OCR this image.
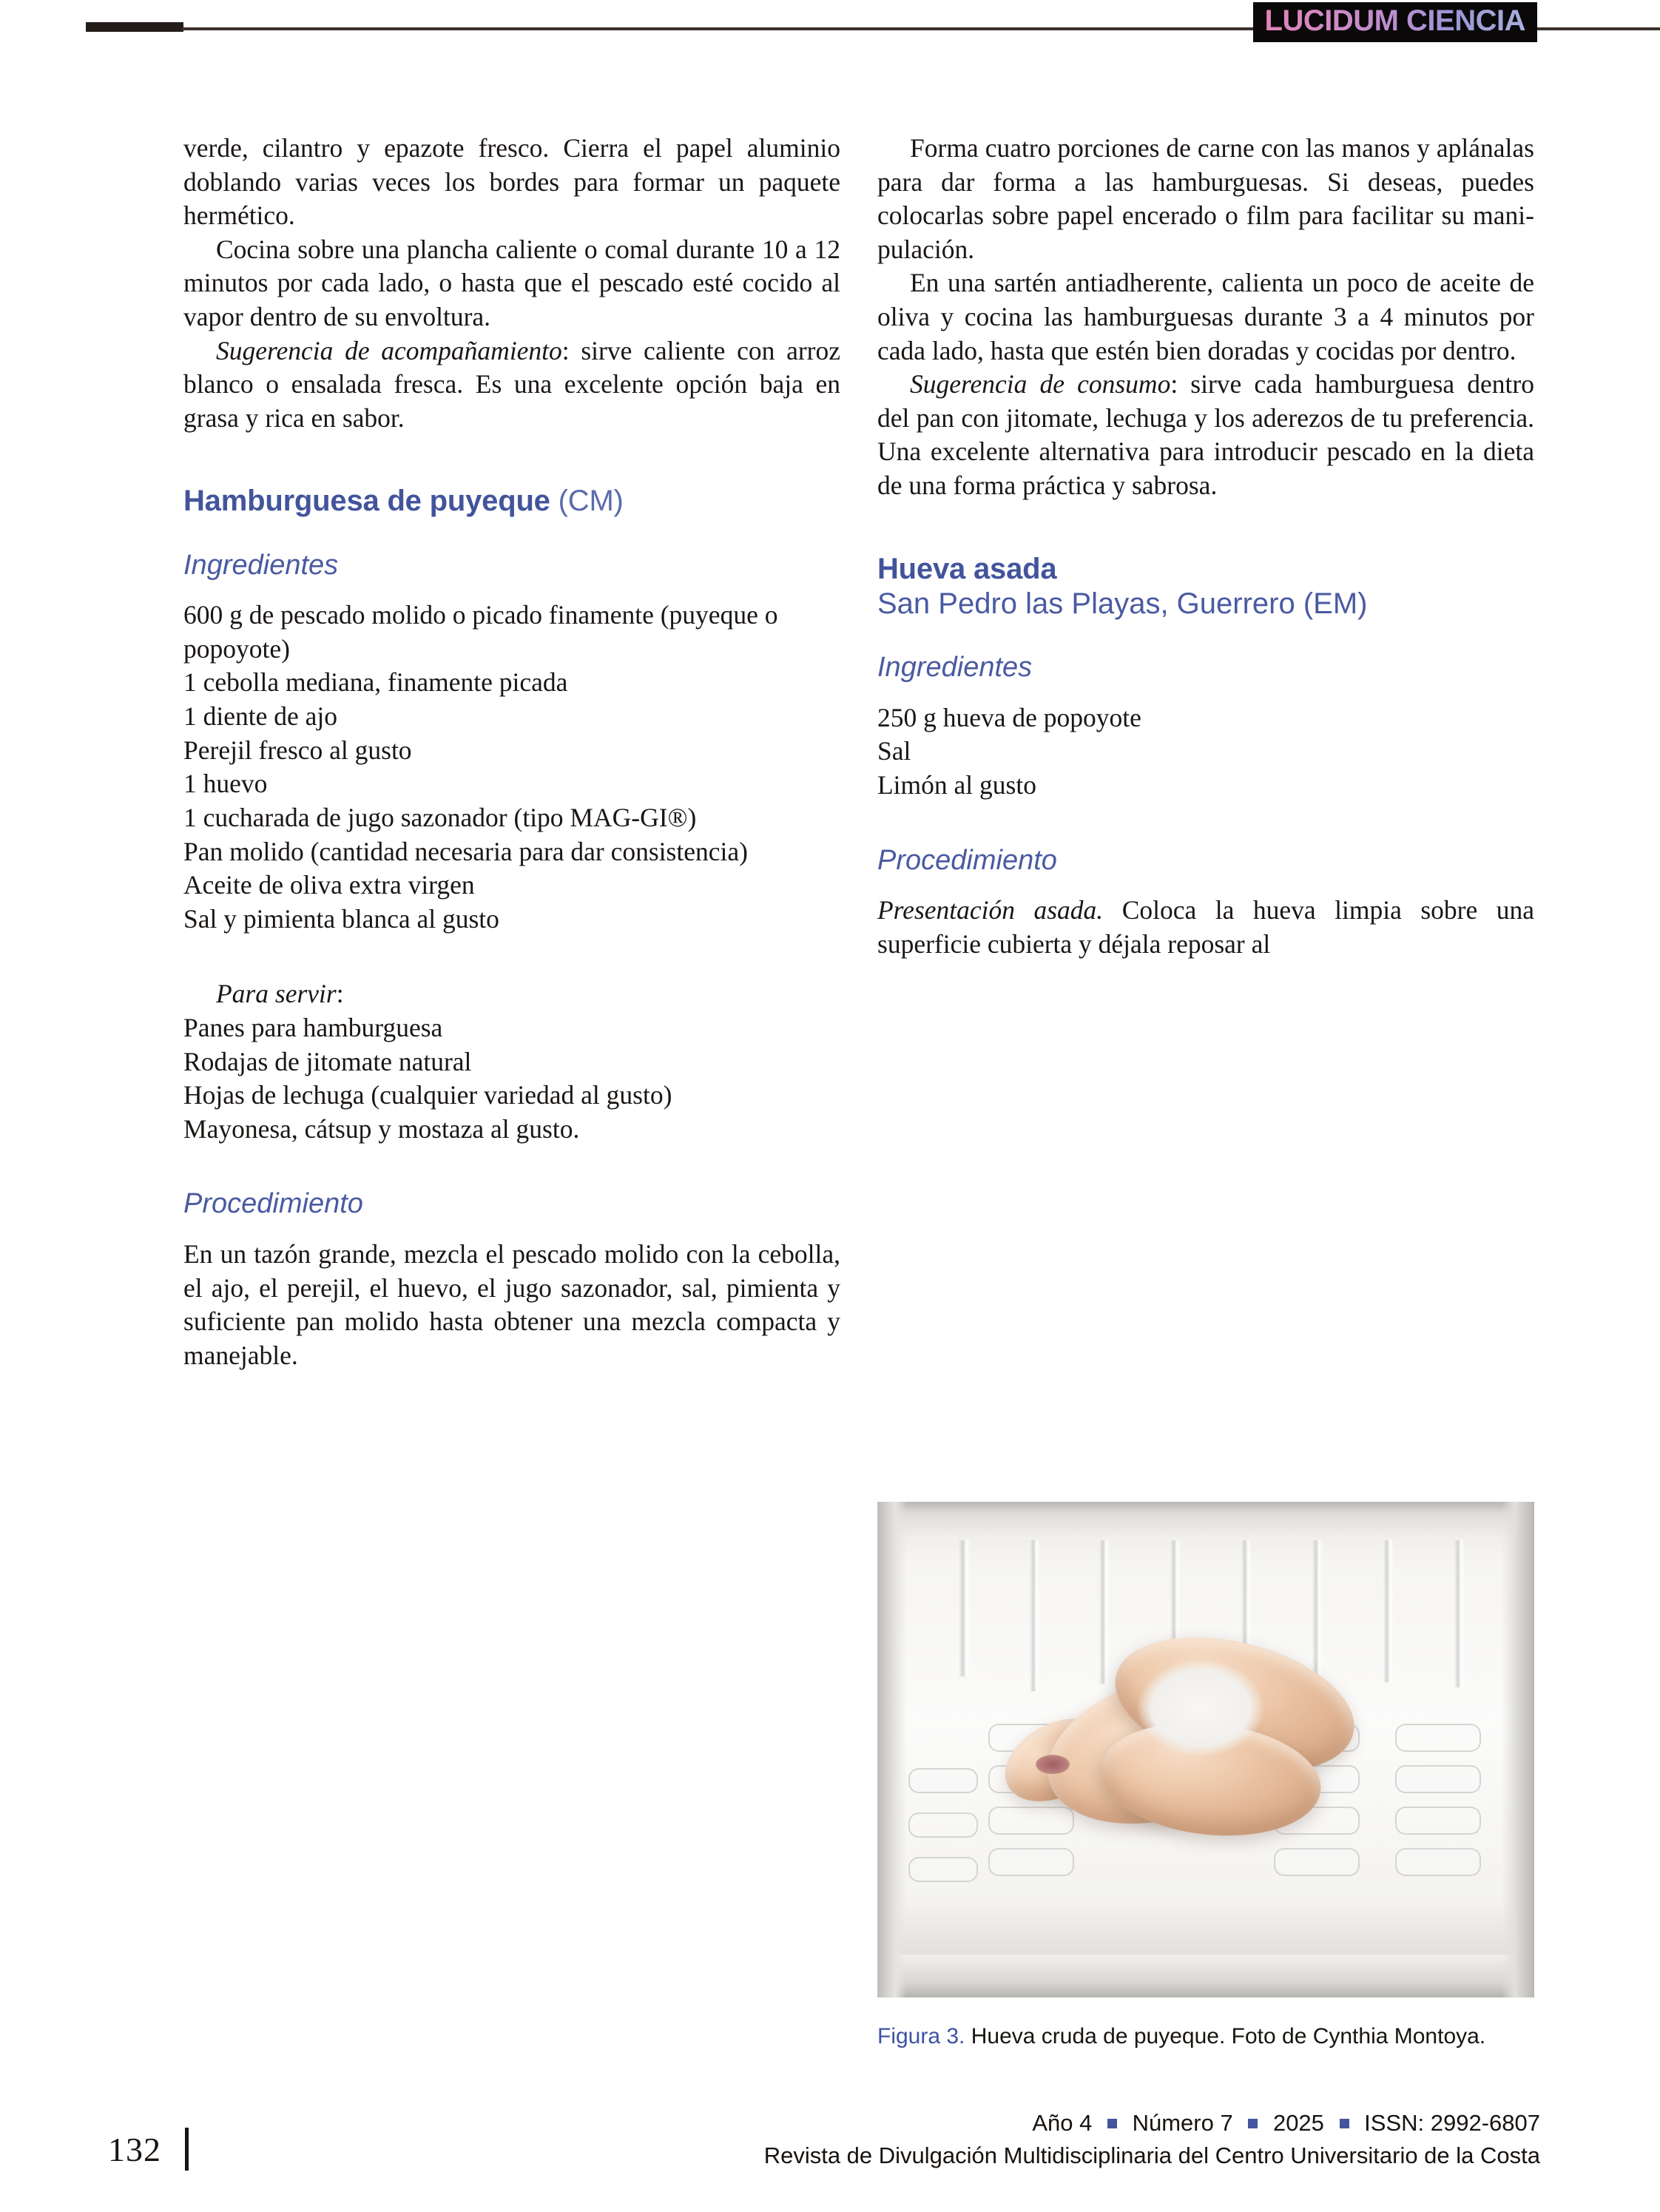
LUCIDUM CIENCIA

verde, cilantro y epazote fresco. Cierra el papel aluminio doblando varias veces los bordes para formar un paquete hermético.

Cocina sobre una plancha caliente o comal durante 10 a 12 minutos por cada lado, o hasta que el pescado esté cocido al vapor dentro de su envoltura.

Sugerencia de acompañamiento: sirve caliente con arroz blanco o ensalada fresca. Es una excelente opción baja en grasa y rica en sabor.

Hamburguesa de puyeque (CM)
Ingredientes
600 g de pescado molido o picado finamente (puyeque o popoyote)
1 cebolla mediana, finamente picada
1 diente de ajo
Perejil fresco al gusto
1 huevo
1 cucharada de jugo sazonador (tipo MAG-GI®)
Pan molido (cantidad necesaria para dar consistencia)
Aceite de oliva extra virgen
Sal y pimienta blanca al gusto
Para servir:
Panes para hamburguesa
Rodajas de jitomate natural
Hojas de lechuga (cualquier variedad al gusto)
Mayonesa, cátsup y mostaza al gusto.
Procedimiento

En un tazón grande, mezcla el pescado molido con la cebolla, el ajo, el perejil, el huevo, el jugo sazonador, sal, pimienta y suficiente pan molido hasta obtener una mezcla compacta y manejable.

Forma cuatro porciones de carne con las manos y aplánalas para dar forma a las hamburguesas. Si deseas, puedes colocarlas sobre papel encerado o film para facilitar su manipulación.

En una sartén antiadherente, calienta un poco de aceite de oliva y cocina las hamburguesas durante 3 a 4 minutos por cada lado, hasta que estén bien doradas y cocidas por dentro.

Sugerencia de consumo: sirve cada hamburguesa dentro del pan con jitomate, lechuga y los aderezos de tu preferencia. Una excelente alternativa para introducir pescado en la dieta de una forma práctica y sabrosa.

Hueva asada
San Pedro las Playas, Guerrero (EM)
Ingredientes
250 g hueva de popoyote
Sal
Limón al gusto
Procedimiento

Presentación asada. Coloca la hueva limpia sobre una superficie cubierta y déjala reposar al

Figura 3. Hueva cruda de puyeque. Foto de Cynthia Montoya.
132
Año 4 Número 7 2025 ISSN: 2992-6807
Revista de Divulgación Multidisciplinaria del Centro Universitario de la Costa
